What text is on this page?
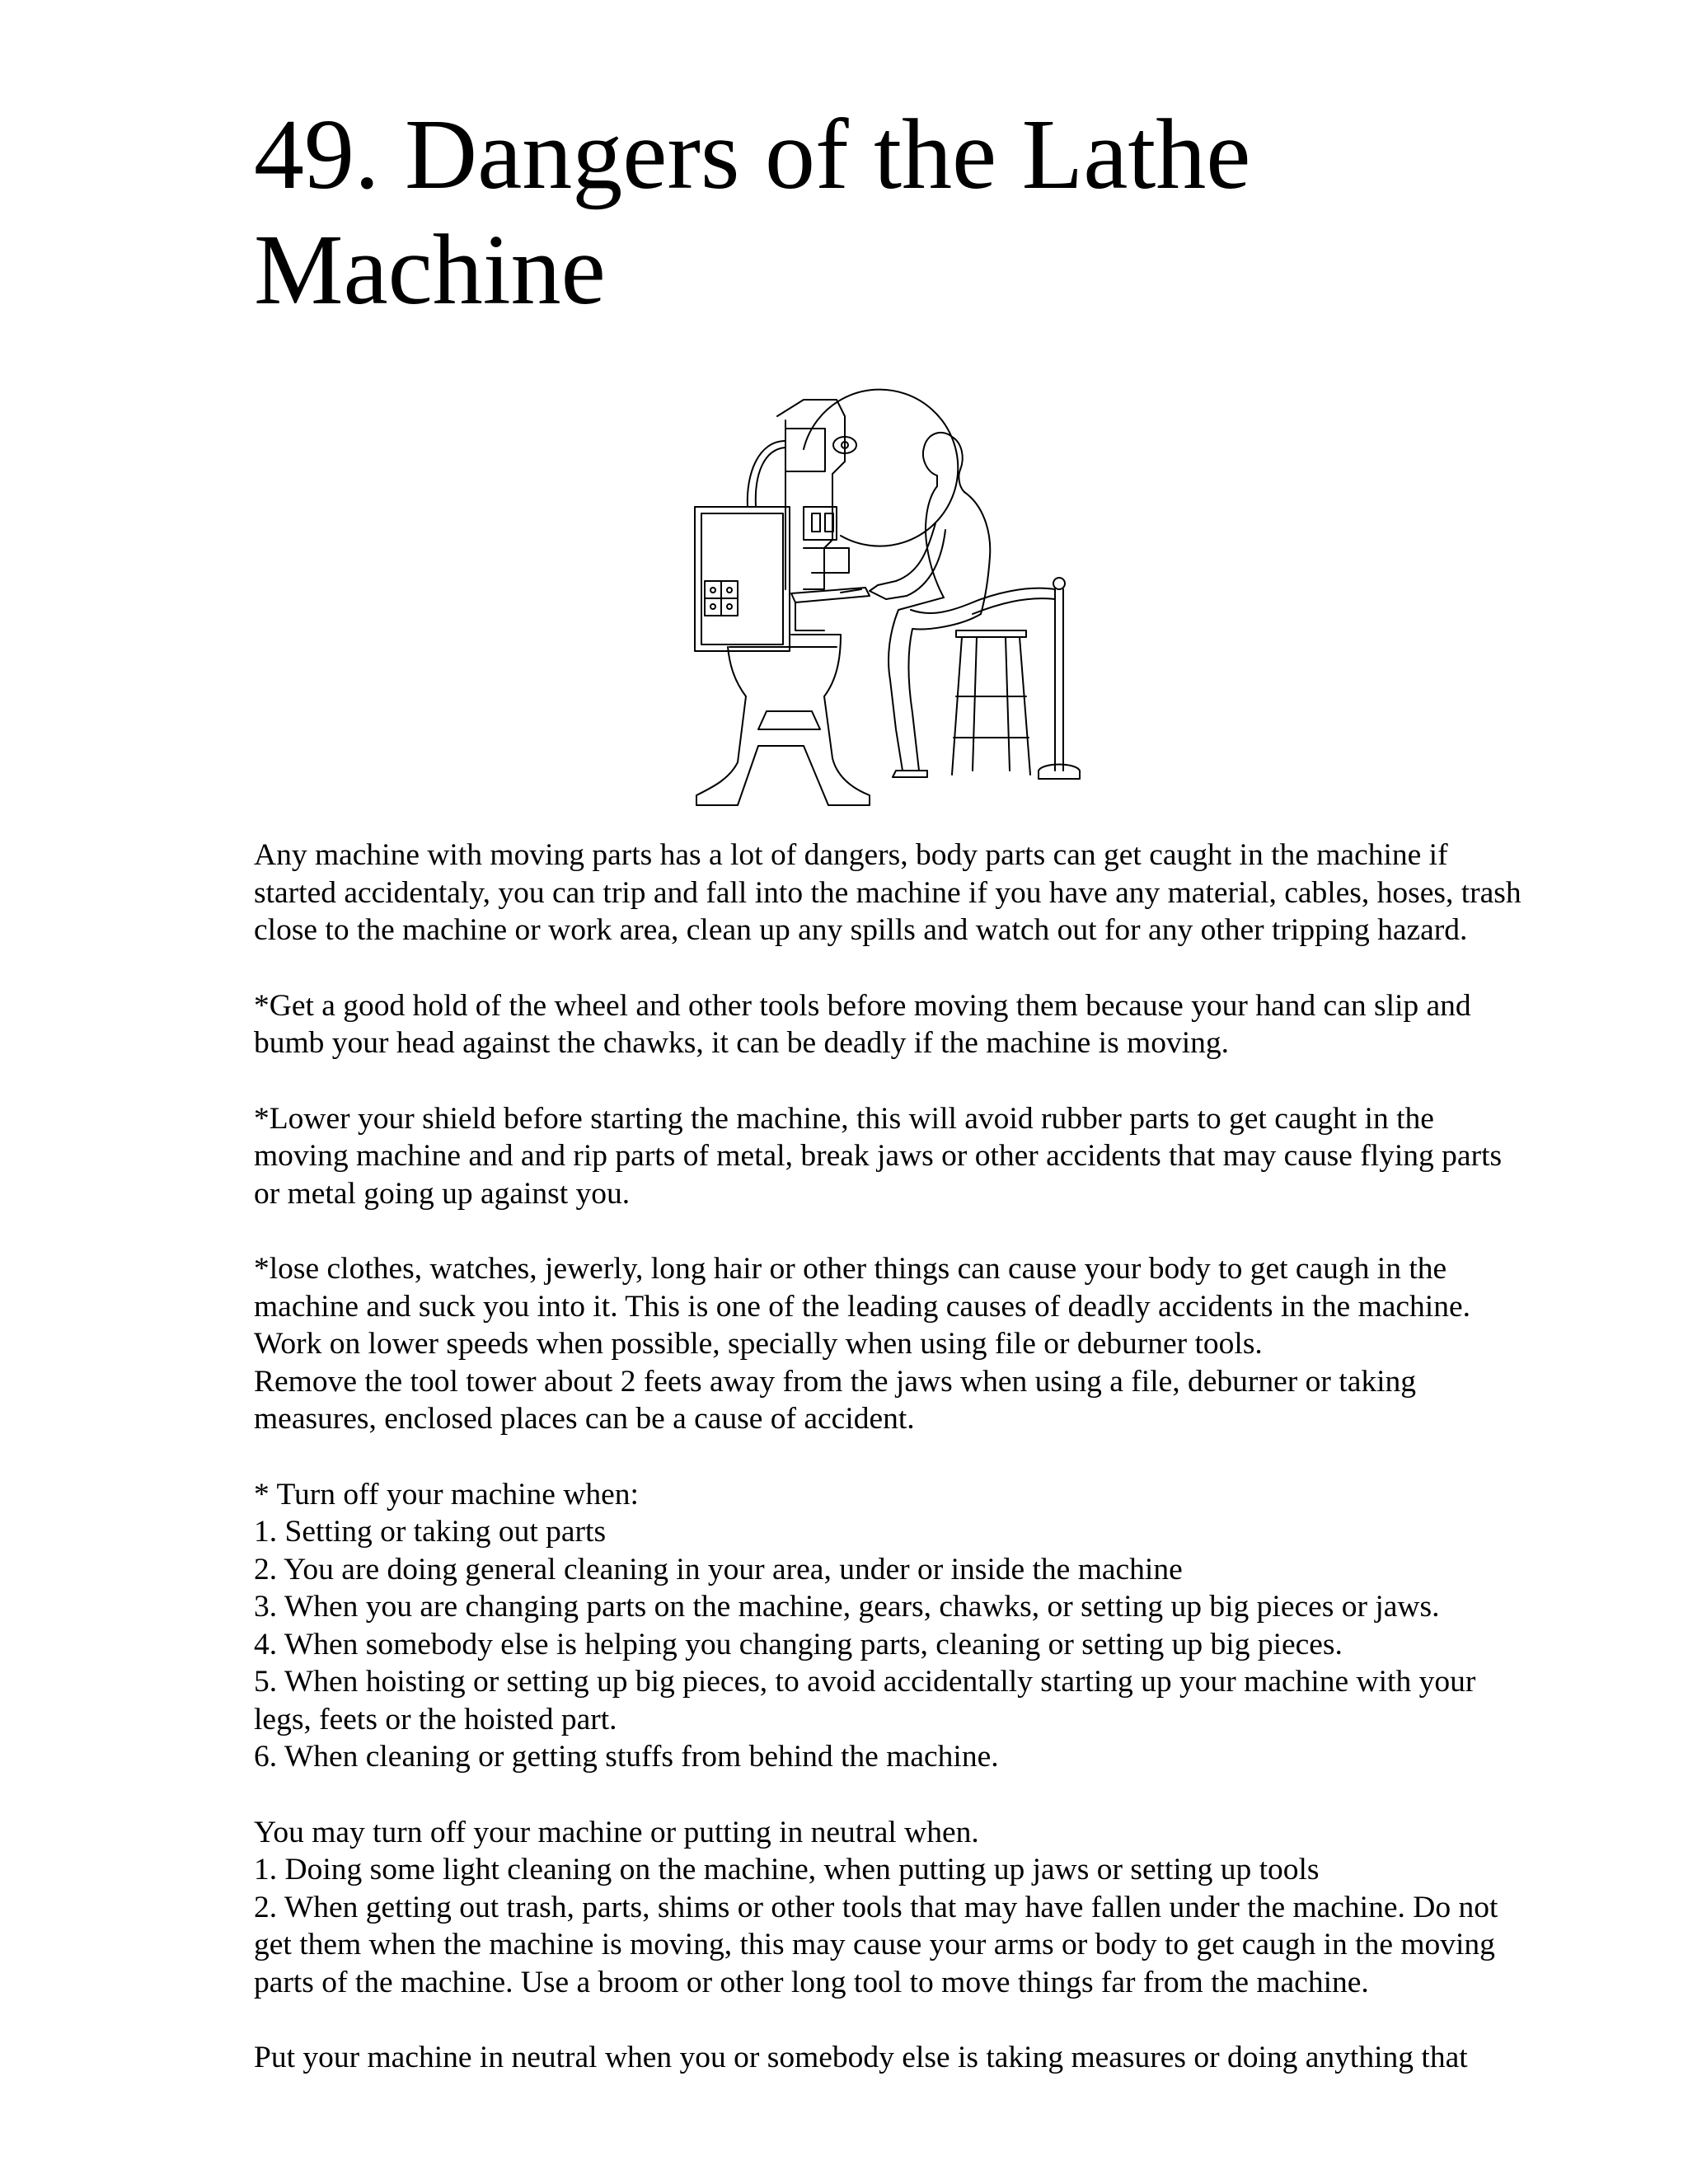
49. Dangers of the Lathe
Machine

Any machine with moving parts has a lot of dangers, body parts can get caught in the machine if
started accidentaly, you can trip and fall into the machine if you have any material, cables, hoses, trash
close to the machine or work area, clean up any spills and watch out for any other tripping hazard.

*Get a good hold of the wheel and other tools before moving them because your hand can slip and
bumb your head against the chawks, it can be deadly if the machine is moving.

*Lower your shield before starting the machine, this will avoid rubber parts to get caught in the
moving machine and and rip parts of metal, break jaws or other accidents that may cause flying parts
or metal going up against you.

*lose clothes, watches, jewerly, long hair or other things can cause your body to get caugh in the
machine and suck you into it. This is one of the leading causes of deadly accidents in the machine.
Work on lower speeds when possible, specially when using file or deburner tools.
Remove the tool tower about 2 feets away from the jaws when using a file, deburner or taking
measures, enclosed places can be a cause of accident.

* Turn off your machine when:
1. Setting or taking out parts
2. You are doing general cleaning in your area, under or inside the machine
3. When you are changing parts on the machine, gears, chawks, or setting up big pieces or jaws.
4. When somebody else is helping you changing parts, cleaning or setting up big pieces.
5. When hoisting or setting up big pieces, to avoid accidentally starting up your machine with your
legs, feets or the hoisted part.
6. When cleaning or getting stuffs from behind the machine.

You may turn off your machine or putting in neutral when.
1. Doing some light cleaning on the machine, when putting up jaws or setting up tools
2. When getting out trash, parts, shims or other tools that may have fallen under the machine. Do not
get them when the machine is moving, this may cause your arms or body to get caugh in the moving
parts of the machine. Use a broom or other long tool to move things far from the machine.

Put your machine in neutral when you or somebody else is taking measures or doing anything that
